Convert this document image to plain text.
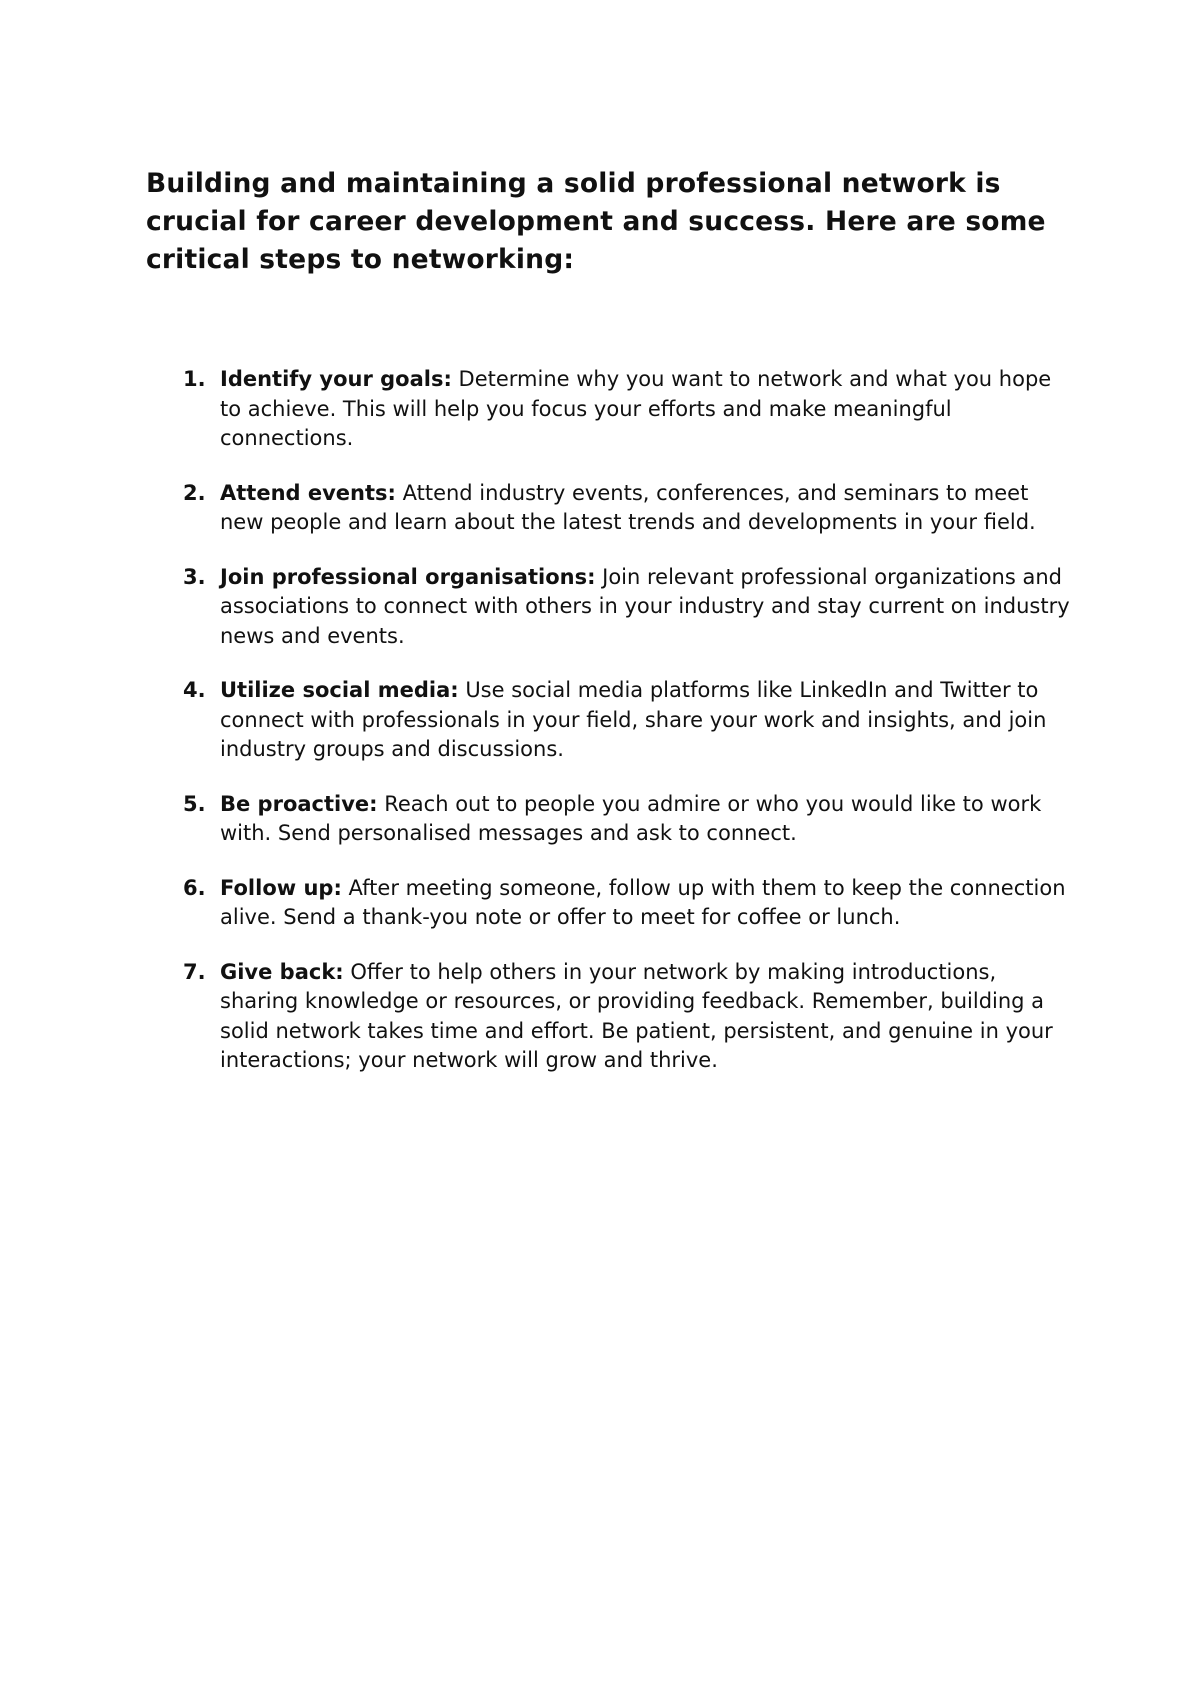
Building and maintaining a solid professional network is crucial for career development and success. Here are some critical steps to networking:

1. Identify your goals: Determine why you want to network and what you hope to achieve. This will help you focus your efforts and make meaningful connections.
2. Attend events: Attend industry events, conferences, and seminars to meet new people and learn about the latest trends and developments in your field.
3. Join professional organisations: Join relevant professional organizations and associations to connect with others in your industry and stay current on industry news and events.
4. Utilize social media: Use social media platforms like LinkedIn and Twitter to connect with professionals in your field, share your work and insights, and join industry groups and discussions.
5. Be proactive: Reach out to people you admire or who you would like to work with. Send personalised messages and ask to connect.
6. Follow up: After meeting someone, follow up with them to keep the connection alive. Send a thank-you note or offer to meet for coffee or lunch.
7. Give back: Offer to help others in your network by making introductions, sharing knowledge or resources, or providing feedback. Remember, building a solid network takes time and effort. Be patient, persistent, and genuine in your interactions; your network will grow and thrive.
